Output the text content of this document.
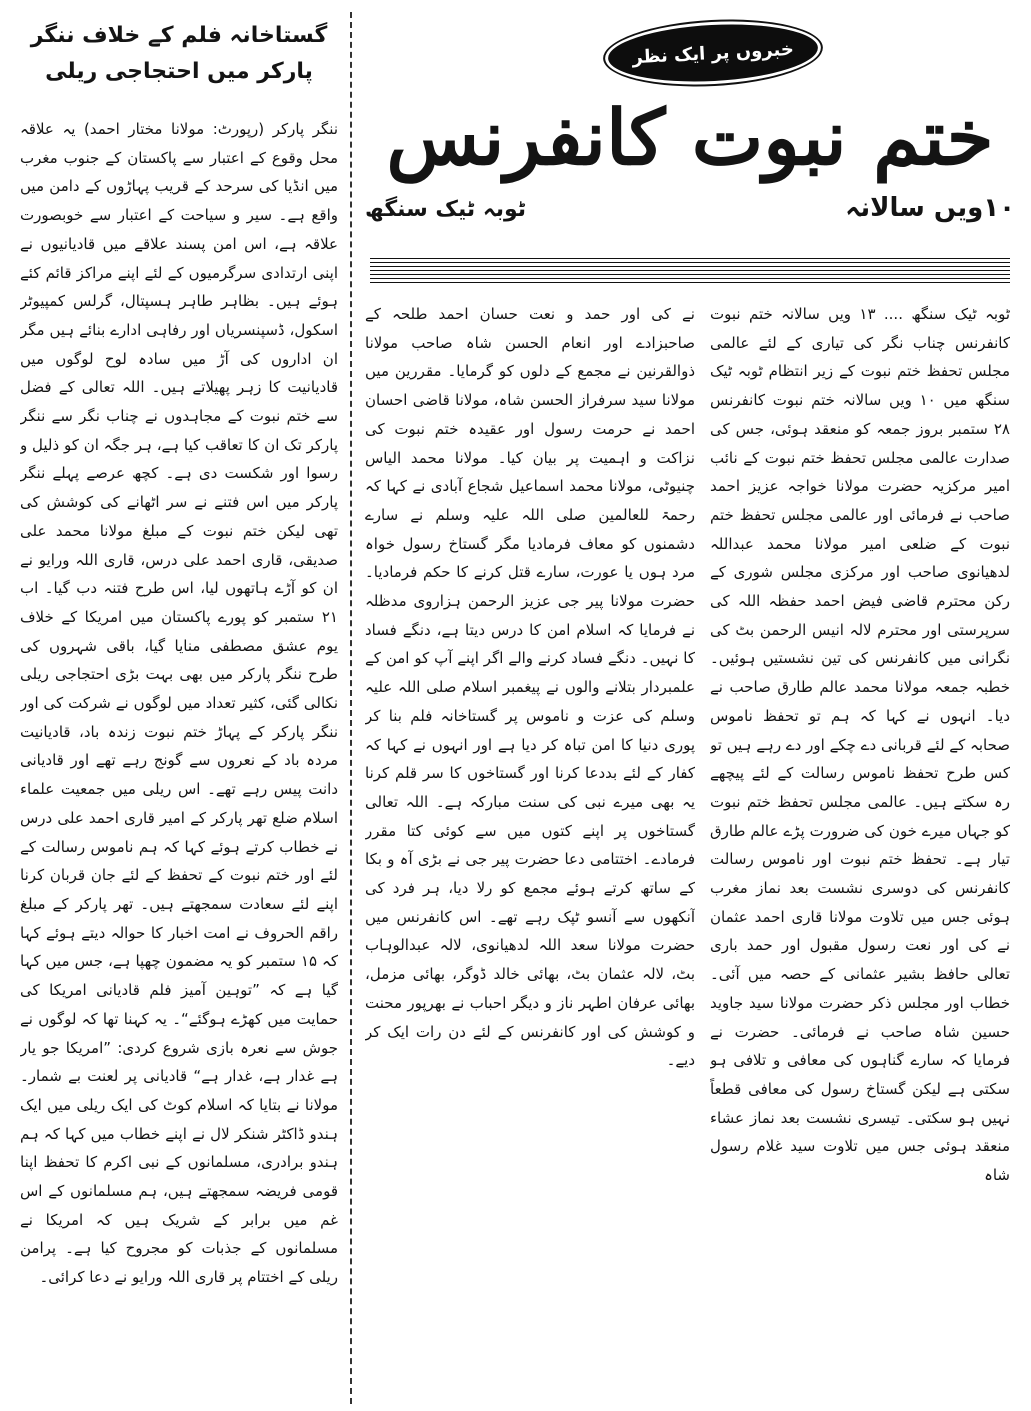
گستاخانہ فلم کے خلاف ننگر پارکر میں احتجاجی ریلی

ننگر پارکر (رپورٹ: مولانا مختار احمد) یہ علاقہ محل وقوع کے اعتبار سے پاکستان کے جنوب مغرب میں انڈیا کی سرحد کے قریب پہاڑوں کے دامن میں واقع ہے۔ سیر و سیاحت کے اعتبار سے خوبصورت علاقہ ہے، اس امن پسند علاقے میں قادیانیوں نے اپنی ارتدادی سرگرمیوں کے لئے اپنے مراکز قائم کئے ہوئے ہیں۔ بظاہر طاہر ہسپتال، گرلس کمپیوٹر اسکول، ڈسپنسریاں اور رفاہی ادارے بنائے ہیں مگر ان اداروں کی آڑ میں سادہ لوح لوگوں میں قادیانیت کا زہر پھیلاتے ہیں۔ اللہ تعالی کے فضل سے ختم نبوت کے مجاہدوں نے چناب نگر سے ننگر پارکر تک ان کا تعاقب کیا ہے، ہر جگہ ان کو ذلیل و رسوا اور شکست دی ہے۔ کچھ عرصے پہلے ننگر پارکر میں اس فتنے نے سر اٹھانے کی کوشش کی تھی لیکن ختم نبوت کے مبلغ مولانا محمد علی صدیقی، قاری احمد علی درس، قاری اللہ ورایو نے ان کو آڑے ہاتھوں لیا، اس طرح فتنہ دب گیا۔ اب ۲۱ ستمبر کو پورے پاکستان میں امریکا کے خلاف یوم عشق مصطفی منایا گیا، باقی شہروں کی طرح ننگر پارکر میں بھی بہت بڑی احتجاجی ریلی نکالی گئی، کثیر تعداد میں لوگوں نے شرکت کی اور ننگر پارکر کے پہاڑ ختم نبوت زندہ باد، قادیانیت مردہ باد کے نعروں سے گونج رہے تھے اور قادیانی دانت پیس رہے تھے۔ اس ریلی میں جمعیت علماء اسلام ضلع تھر پارکر کے امیر قاری احمد علی درس نے خطاب کرتے ہوئے کہا کہ ہم ناموس رسالت کے لئے اور ختم نبوت کے تحفظ کے لئے جان قربان کرنا اپنے لئے سعادت سمجھتے ہیں۔ تھر پارکر کے مبلغ راقم الحروف نے امت اخبار کا حوالہ دیتے ہوئے کہا کہ ۱۵ ستمبر کو یہ مضمون چھپا ہے، جس میں کہا گیا ہے کہ ”توہین آمیز فلم قادیانی امریکا کی حمایت میں کھڑے ہوگئے“۔ یہ کہنا تھا کہ لوگوں نے جوش سے نعرہ بازی شروع کردی: ”امریکا جو یار ہے غدار ہے، غدار ہے“ قادیانی پر لعنت بے شمار۔ مولانا نے بتایا کہ اسلام کوٹ کی ایک ریلی میں ایک ہندو ڈاکٹر شنکر لال نے اپنے خطاب میں کہا کہ ہم ہندو برادری، مسلمانوں کے نبی اکرم کا تحفظ اپنا قومی فریضہ سمجھتے ہیں، ہم مسلمانوں کے اس غم میں برابر کے شریک ہیں کہ امریکا نے مسلمانوں کے جذبات کو مجروح کیا ہے۔ پرامن ریلی کے اختتام پر قاری اللہ ورایو نے دعا کرائی۔

خبروں پر ایک نظر
ختم نبوت کانفرنس
۱۰ویں سالانہ
ٹوبہ ٹیک سنگھ

ٹوبہ ٹیک سنگھ .... ۱۳ ویں سالانہ ختم نبوت کانفرنس چناب نگر کی تیاری کے لئے عالمی مجلس تحفظ ختم نبوت کے زیر انتظام ٹوبہ ٹیک سنگھ میں ۱۰ ویں سالانہ ختم نبوت کانفرنس ۲۸ ستمبر بروز جمعہ کو منعقد ہوئی، جس کی صدارت عالمی مجلس تحفظ ختم نبوت کے نائب امیر مرکزیہ حضرت مولانا خواجہ عزیز احمد صاحب نے فرمائی اور عالمی مجلس تحفظ ختم نبوت کے ضلعی امیر مولانا محمد عبداللہ لدھیانوی صاحب اور مرکزی مجلس شوری کے رکن محترم قاضی فیض احمد حفظہ اللہ کی سرپرستی اور محترم لالہ انیس الرحمن بٹ کی نگرانی میں کانفرنس کی تین نشستیں ہوئیں۔ خطبہ جمعہ مولانا محمد عالم طارق صاحب نے دیا۔ انہوں نے کہا کہ ہم تو تحفظ ناموس صحابہ کے لئے قربانی دے چکے اور دے رہے ہیں تو کس طرح تحفظ ناموس رسالت کے لئے پیچھے رہ سکتے ہیں۔ عالمی مجلس تحفظ ختم نبوت کو جہاں میرے خون کی ضرورت پڑے عالم طارق تیار ہے۔ تحفظ ختم نبوت اور ناموس رسالت کانفرنس کی دوسری نشست بعد نماز مغرب ہوئی جس میں تلاوت مولانا قاری احمد عثمان نے کی اور نعت رسول مقبول اور حمد باری تعالی حافظ بشیر عثمانی کے حصہ میں آئی۔ خطاب اور مجلس ذکر حضرت مولانا سید جاوید حسین شاہ صاحب نے فرمائی۔ حضرت نے فرمایا کہ سارے گناہوں کی معافی و تلافی ہو سکتی ہے لیکن گستاخ رسول کی معافی قطعاً نہیں ہو سکتی۔ تیسری نشست بعد نماز عشاء منعقد ہوئی جس میں تلاوت سید غلام رسول شاہ

نے کی اور حمد و نعت حسان احمد طلحہ کے صاحبزادے اور انعام الحسن شاہ صاحب مولانا ذوالقرنین نے مجمع کے دلوں کو گرمایا۔ مقررین میں مولانا سید سرفراز الحسن شاہ، مولانا قاضی احسان احمد نے حرمت رسول اور عقیدہ ختم نبوت کی نزاکت و اہمیت پر بیان کیا۔ مولانا محمد الیاس چنیوٹی، مولانا محمد اسماعیل شجاع آبادی نے کہا کہ رحمۃ للعالمین صلی اللہ علیہ وسلم نے سارے دشمنوں کو معاف فرمادیا مگر گستاخ رسول خواہ مرد ہوں یا عورت، سارے قتل کرنے کا حکم فرمادیا۔ حضرت مولانا پیر جی عزیز الرحمن ہزاروی مدظلہ نے فرمایا کہ اسلام امن کا درس دیتا ہے، دنگے فساد کا نہیں۔ دنگے فساد کرنے والے اگر اپنے آپ کو امن کے علمبردار بتلانے والوں نے پیغمبر اسلام صلی اللہ علیہ وسلم کی عزت و ناموس پر گستاخانہ فلم بنا کر پوری دنیا کا امن تباہ کر دیا ہے اور انہوں نے کہا کہ کفار کے لئے بددعا کرنا اور گستاخوں کا سر قلم کرنا یہ بھی میرے نبی کی سنت مبارکہ ہے۔ اللہ تعالی گستاخوں پر اپنے کتوں میں سے کوئی کتا مقرر فرمادے۔ اختتامی دعا حضرت پیر جی نے بڑی آہ و بکا کے ساتھ کرتے ہوئے مجمع کو رلا دیا، ہر فرد کی آنکھوں سے آنسو ٹپک رہے تھے۔ اس کانفرنس میں حضرت مولانا سعد اللہ لدھیانوی، لالہ عبدالوہاب بٹ، لالہ عثمان بٹ، بھائی خالد ڈوگر، بھائی مزمل، بھائی عرفان اطہر ناز و دیگر احباب نے بھرپور محنت و کوشش کی اور کانفرنس کے لئے دن رات ایک کر دیے۔
